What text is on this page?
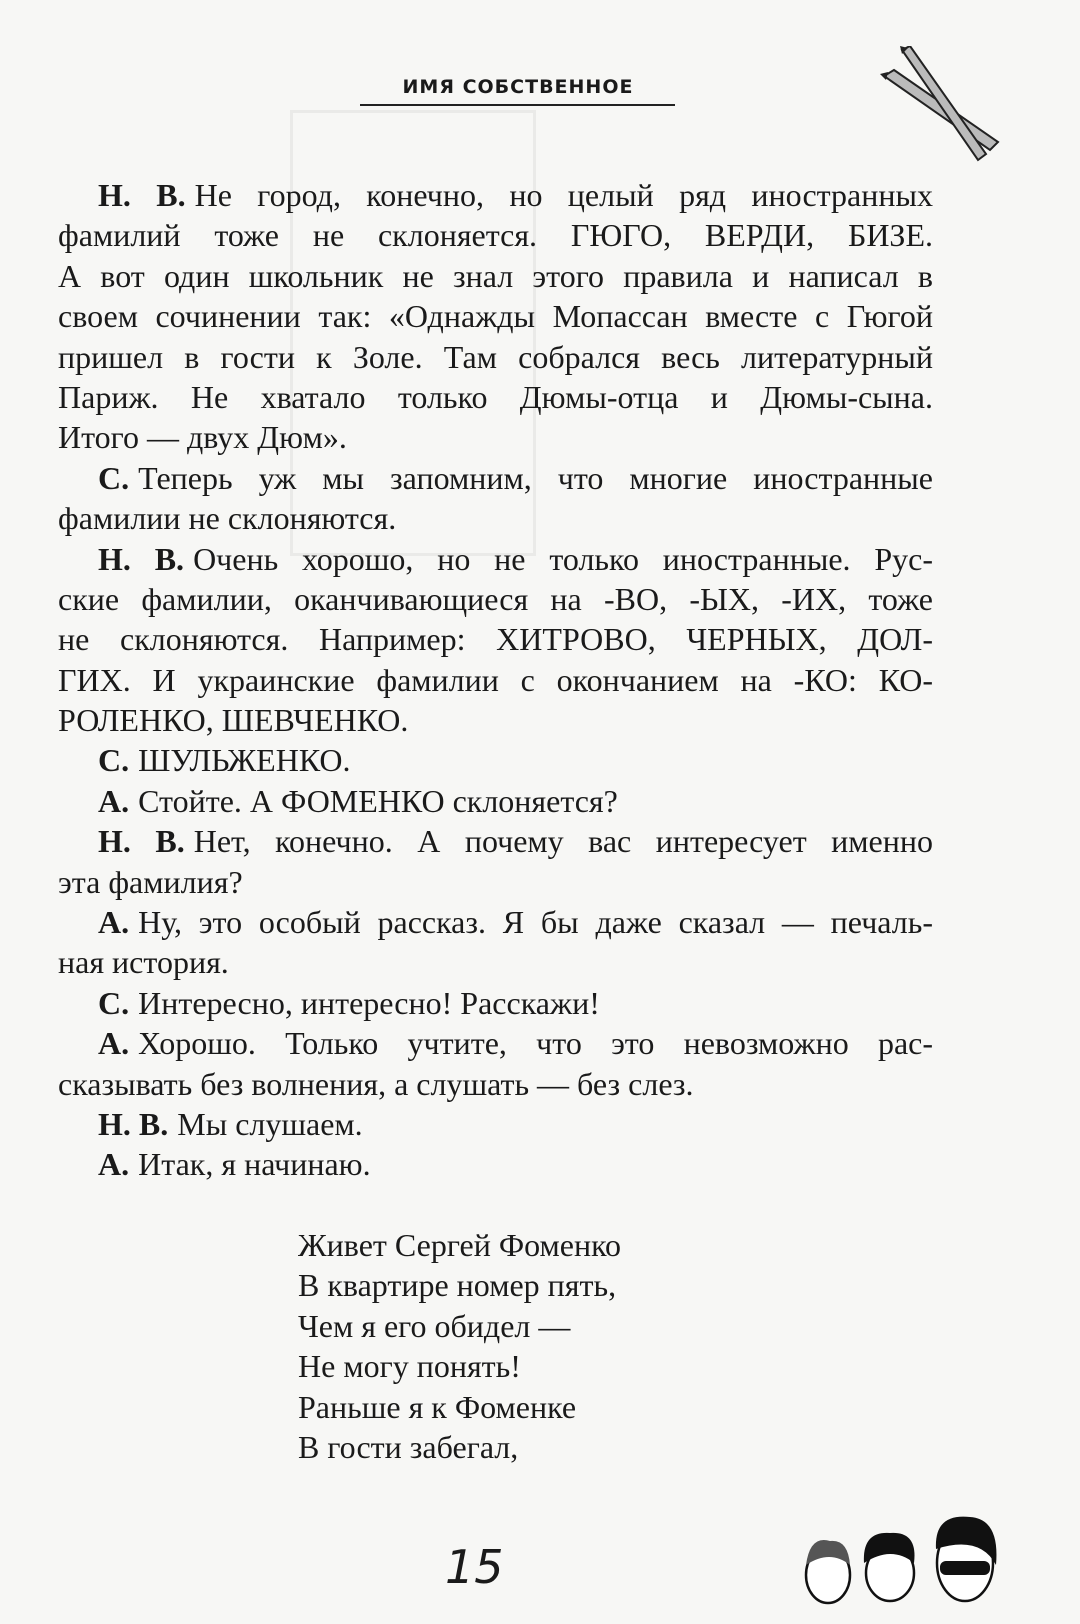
ИМЯ СОБСТВЕННОЕ
Н. В. Не город, конечно, но целый ряд иностранных
фамилий тоже не склоняется. ГЮГО, ВЕРДИ, БИЗЕ.
А вот один школьник не знал этого правила и написал в
своем сочинении так: «Однажды Мопассан вместе с Гюгой
пришел в гости к Золе. Там собрался весь литературный
Париж. Не хватало только Дюмы-отца и Дюмы-сына.
Итого — двух Дюм».
С. Теперь уж мы запомним, что многие иностранные
фамилии не склоняются.
Н. В. Очень хорошо, но не только иностранные. Рус-
ские фамилии, оканчивающиеся на -ВО, -ЫХ, -ИХ, тоже
не склоняются. Например: ХИТРОВО, ЧЕРНЫХ, ДОЛ-
ГИХ. И украинские фамилии с окончанием на -КО: КО-
РОЛЕНКО, ШЕВЧЕНКО.
С. ШУЛЬЖЕНКО.
А. Стойте. А ФОМЕНКО склоняется?
Н. В. Нет, конечно. А почему вас интересует именно
эта фамилия?
А. Ну, это особый рассказ. Я бы даже сказал — печаль-
ная история.
С. Интересно, интересно! Расскажи!
А. Хорошо. Только учтите, что это невозможно рас-
сказывать без волнения, а слушать — без слез.
Н. В. Мы слушаем.
А. Итак, я начинаю.
Живет Сергей Фоменко
В квартире номер пять,
Чем я его обидел —
Не могу понять!
Раньше я к Фоменке
В гости забегал,
15
